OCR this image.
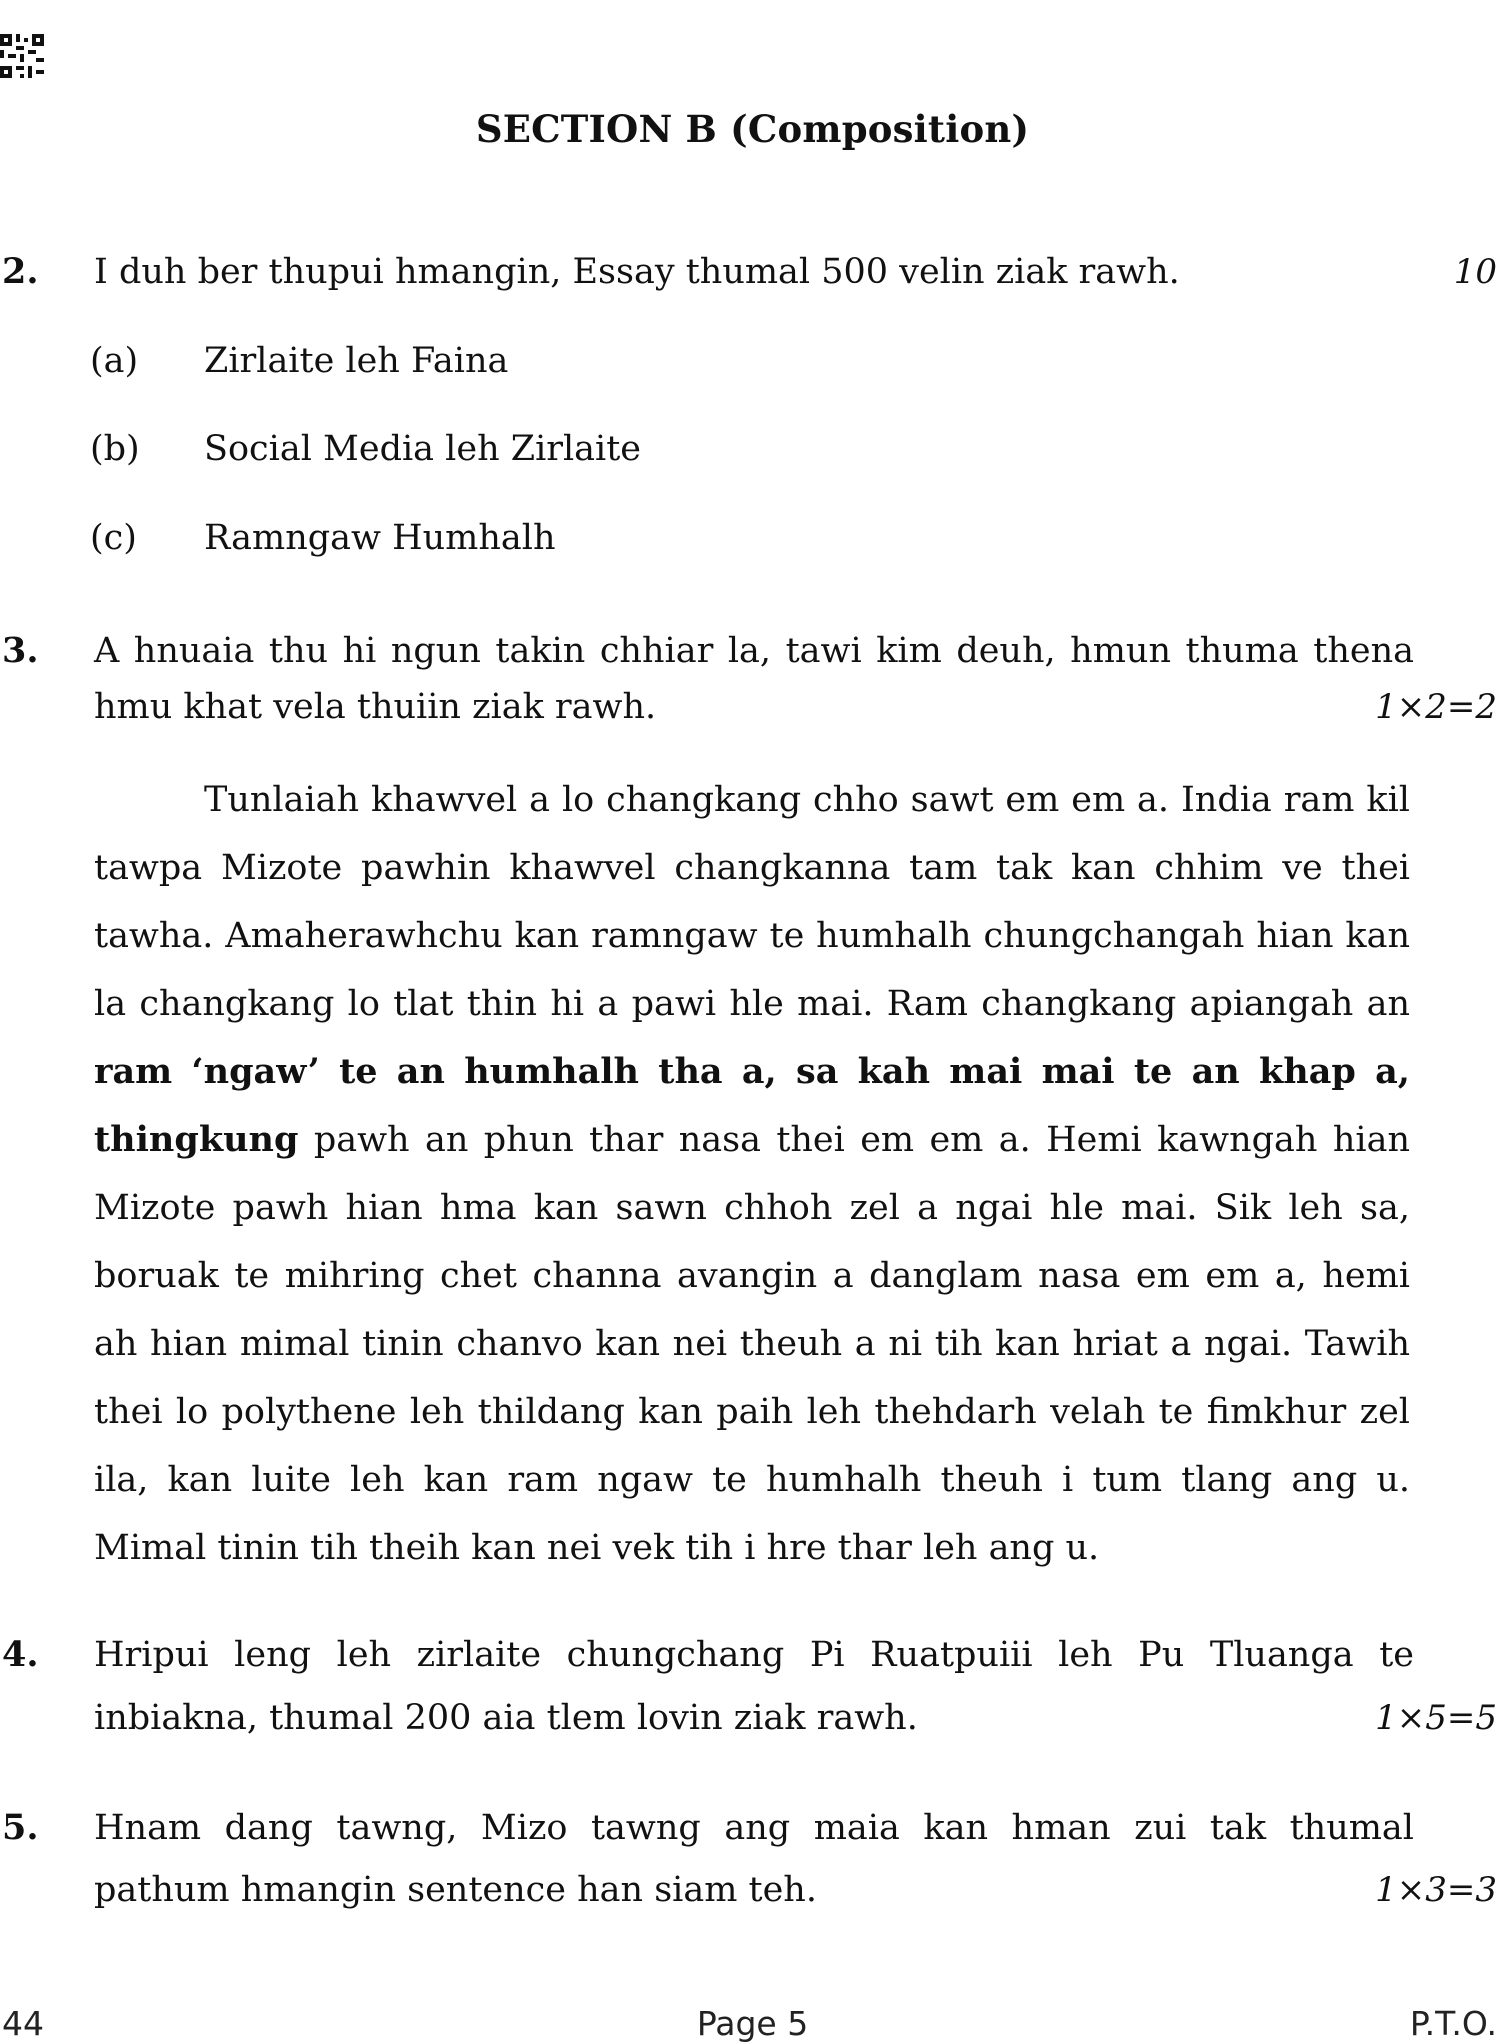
SECTION B (Composition)
2. I duh ber thupui hmangin, Essay thumal 500 velin ziak rawh.	10
(a) Zirlaite leh Faina
(b) Social Media leh Zirlaite
(c) Ramngaw Humhalh
3. A hnuaia thu hi ngun takin chhiar la, tawi kim deuh, hmun thuma thena
hmu khat vela thuiin ziak rawh.	1×2=2
Tunlaiah khawvel a lo changkang chho sawt em em a. India ram kil tawpa Mizote pawhin khawvel changkanna tam tak kan chhim ve thei tawha. Amaherawhchu kan ramngaw te humhalh chungchangah hian kan la changkang lo tlat thin hi a pawi hle mai. Ram changkang apiangah an ram ‘ngaw’ te an humhalh tha a, sa kah mai mai te an khap a, thingkung pawh an phun thar nasa thei em em a. Hemi kawngah hian Mizote pawh hian hma kan sawn chhoh zel a ngai hle mai. Sik leh sa, boruak te mihring chet channa avangin a danglam nasa em em a, hemi ah hian mimal tinin chanvo kan nei theuh a ni tih kan hriat a ngai. Tawih thei lo polythene leh thildang kan paih leh thehdarh velah te fimkhur zel ila, kan luite leh kan ram ngaw te humhalh theuh i tum tlang ang u. Mimal tinin tih theih kan nei vek tih i hre thar leh ang u.
4. Hripui leng leh zirlaite chungchang Pi Ruatpuiii leh Pu Tluanga te
inbiakna, thumal 200 aia tlem lovin ziak rawh.	1×5=5
5. Hnam dang tawng, Mizo tawng ang maia kan hman zui tak thumal
pathum hmangin sentence han siam teh.	1×3=3
44	Page 5	P.T.O.
